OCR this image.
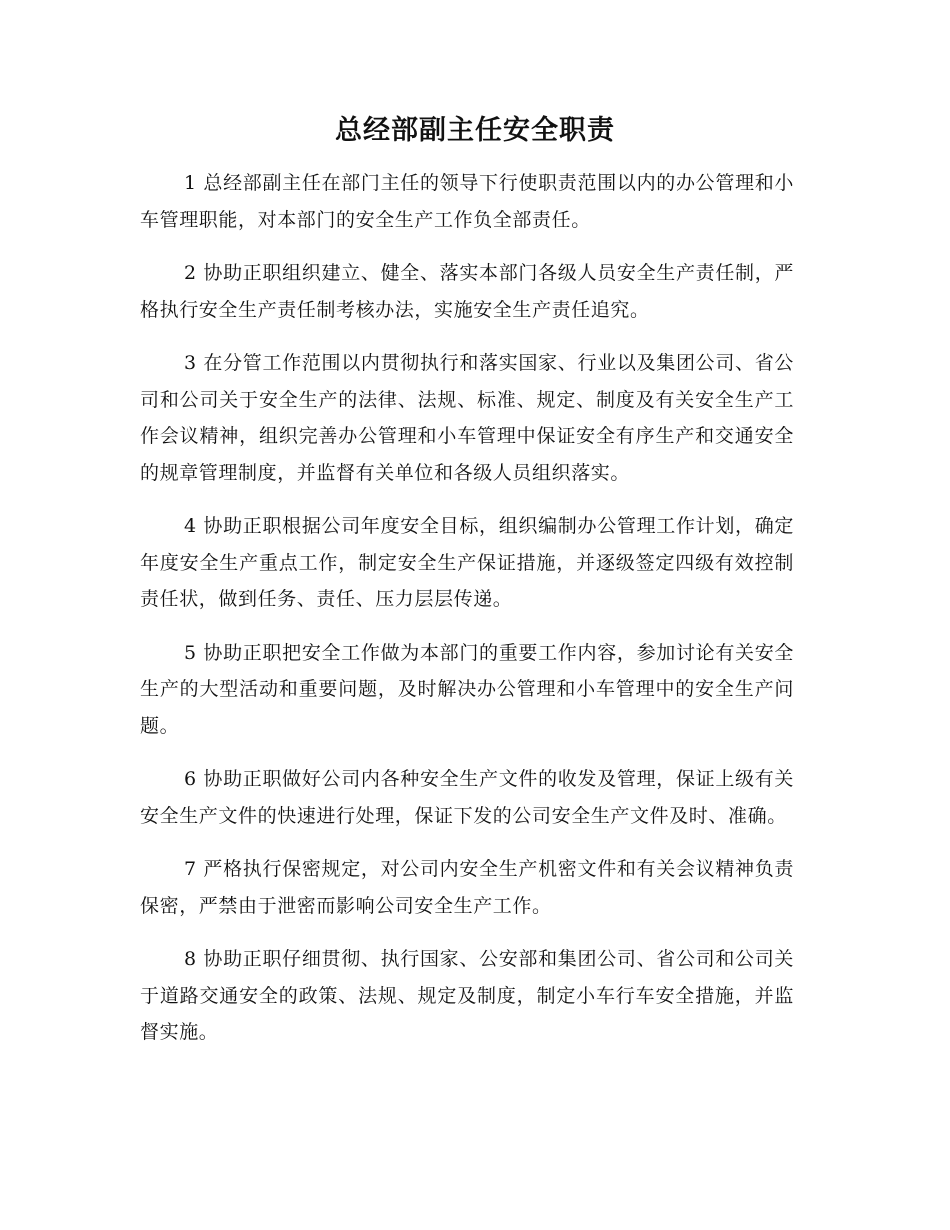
总经部副主任安全职责

1 总经部副主任在部门主任的领导下行使职责范围以内的办公管理和小车管理职能，对本部门的安全生产工作负全部责任。

2 协助正职组织建立、健全、落实本部门各级人员安全生产责任制，严格执行安全生产责任制考核办法，实施安全生产责任追究。

3 在分管工作范围以内贯彻执行和落实国家、行业以及集团公司、省公司和公司关于安全生产的法律、法规、标准、规定、制度及有关安全生产工作会议精神，组织完善办公管理和小车管理中保证安全有序生产和交通安全的规章管理制度，并监督有关单位和各级人员组织落实。

4 协助正职根据公司年度安全目标，组织编制办公管理工作计划，确定年度安全生产重点工作，制定安全生产保证措施，并逐级签定四级有效控制责任状，做到任务、责任、压力层层传递。

5 协助正职把安全工作做为本部门的重要工作内容，参加讨论有关安全生产的大型活动和重要问题，及时解决办公管理和小车管理中的安全生产问题。

6 协助正职做好公司内各种安全生产文件的收发及管理，保证上级有关安全生产文件的快速进行处理，保证下发的公司安全生产文件及时、准确。

7 严格执行保密规定，对公司内安全生产机密文件和有关会议精神负责保密，严禁由于泄密而影响公司安全生产工作。

8 协助正职仔细贯彻、执行国家、公安部和集团公司、省公司和公司关于道路交通安全的政策、法规、规定及制度，制定小车行车安全措施，并监督实施。
